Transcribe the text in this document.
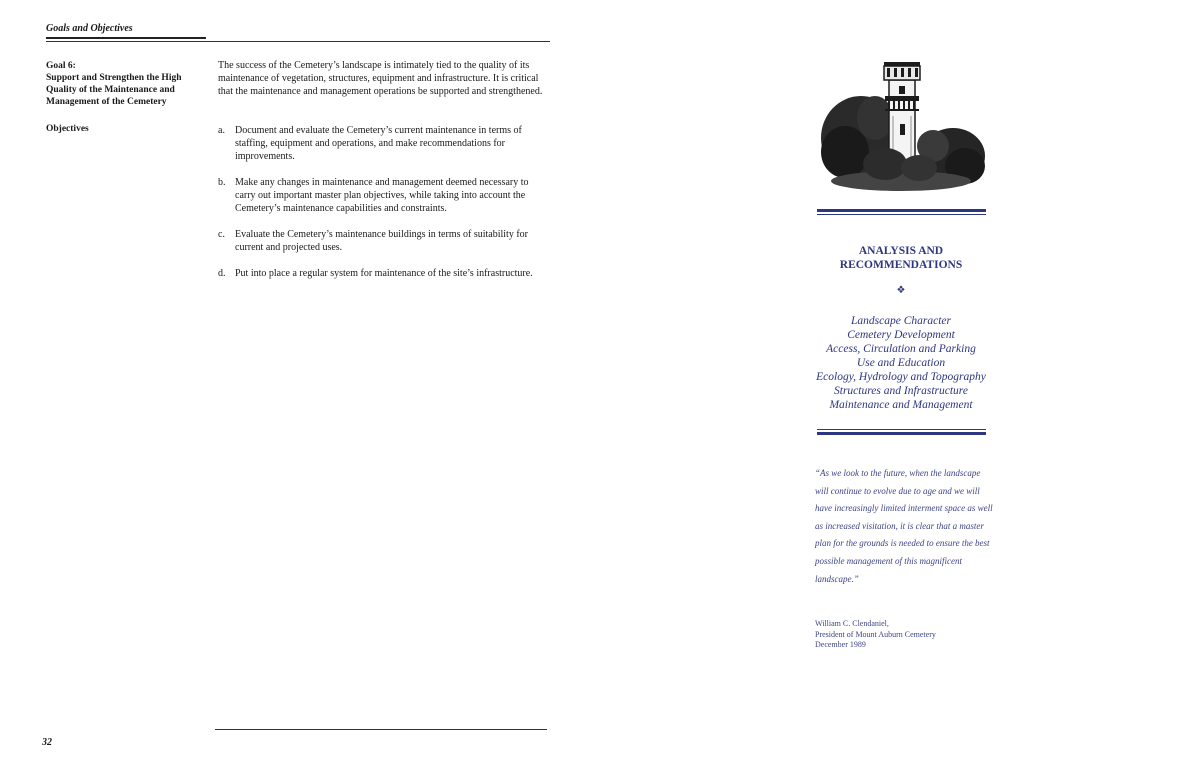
Goals and Objectives
Goal 6:
Support and Strengthen the High
Quality of the Maintenance and
Management of the Cemetery
The success of the Cemetery’s landscape is intimately tied to the quality of its maintenance of vegetation, structures, equipment and infrastructure. It is critical that the maintenance and management operations be supported and strengthened.
Objectives	a.	Document and evaluate the Cemetery’s current maintenance in terms of staffing, equipment and operations, and make recommendations for improvements.
b. Make any changes in maintenance and management deemed necessary to carry out important master plan objectives, while taking into account the Cemetery’s maintenance capabilities and constraints.
c.	Evaluate the Cemetery’s maintenance buildings in terms of suitability for current and projected uses.
d. Put into place a regular system for maintenance of the site’s infrastructure.
32
ANALYSIS AND
RECOMMENDATIONS
❖
Landscape Character
Cemetery Development
Access, Circulation and Parking
Use and Education
Ecology, Hydrology and Topography
Structures and Infrastructure
Maintenance and Management
“As we look to the future, when the landscape will continue to evolve due to age and we will have increasingly limited interment space as well as increased visitation, it is clear that a master plan for the grounds is needed to ensure the best possible management of this magnificent landscape.”
William C. Clendaniel,
President of Mount Auburn Cemetery
December 1989
